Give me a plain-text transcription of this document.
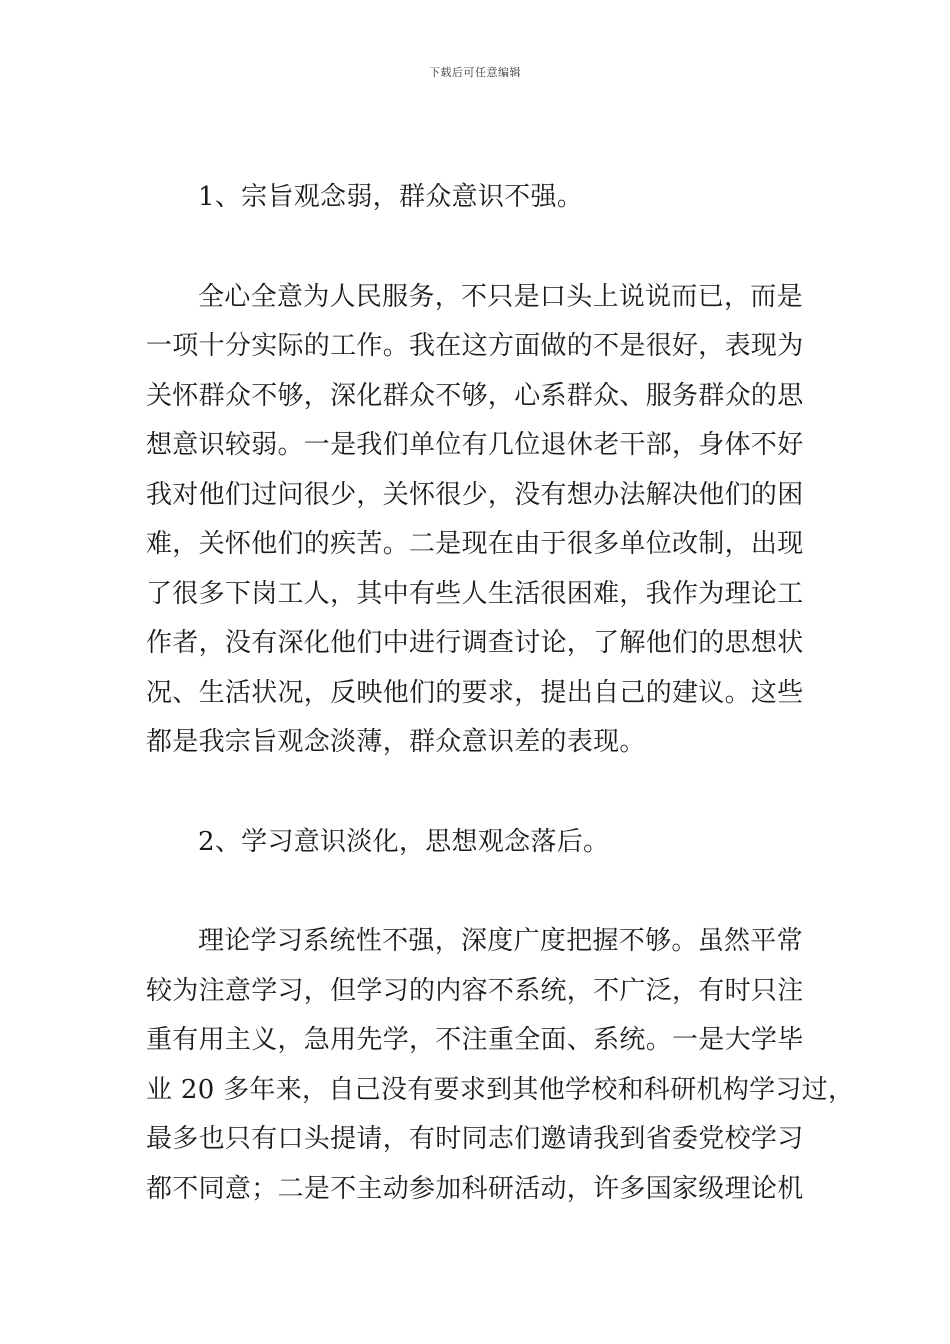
下载后可任意编辑
1、宗旨观念弱，群众意识不强。
全心全意为人民服务，不只是口头上说说而已，而是
一项十分实际的工作。我在这方面做的不是很好，表现为
关怀群众不够，深化群众不够，心系群众、服务群众的思
想意识较弱。一是我们单位有几位退休老干部，身体不好
我对他们过问很少，关怀很少，没有想办法解决他们的困
难，关怀他们的疾苦。二是现在由于很多单位改制，出现
了很多下岗工人，其中有些人生活很困难，我作为理论工
作者，没有深化他们中进行调查讨论，了解他们的思想状
况、生活状况，反映他们的要求，提出自己的建议。这些
都是我宗旨观念淡薄，群众意识差的表现。
2、学习意识淡化，思想观念落后。
理论学习系统性不强，深度广度把握不够。虽然平常
较为注意学习，但学习的内容不系统，不广泛，有时只注
重有用主义，急用先学，不注重全面、系统。一是大学毕
业 20 多年来，自己没有要求到其他学校和科研机构学习过，
最多也只有口头提请，有时同志们邀请我到省委党校学习
都不同意；二是不主动参加科研活动，许多国家级理论机
